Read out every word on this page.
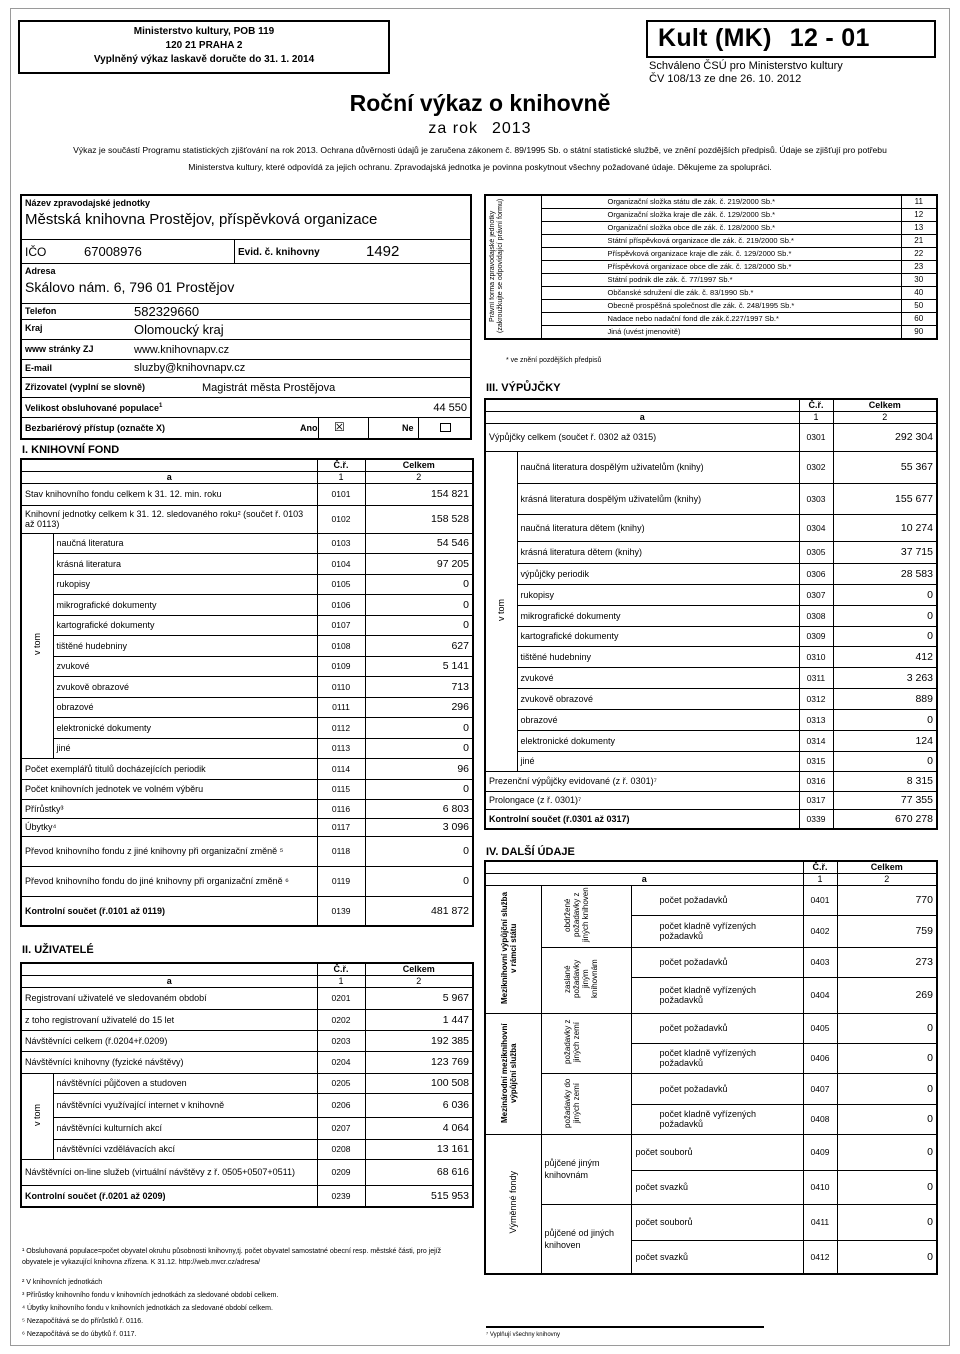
Ministerstvo kultury, POB 119
120 21 PRAHA 2
Vyplněný výkaz laskavě doručte do 31. 1. 2014
Kult (MK) 12 - 01
Schváleno ČSÚ pro Ministerstvo kultury
ČV 108/13 ze dne 26. 10. 2012
Roční výkaz o knihovně
za rok 2013
Výkaz je součástí Programu statistických zjišťování na rok 2013. Ochrana důvěrnosti údajů je zaručena zákonem č. 89/1995 Sb. o státní statistické službě, ve znění pozdějších předpisů. Údaje se zjišťují pro potřebu Ministerstva kultury, které odpovídá za jejich ochranu. Zpravodajská jednotka je povinna poskytnout všechny požadované údaje. Děkujeme za spolupráci.
Název zpravodajské jednotky
Městská knihovna Prostějov, příspěvková organizace
IČO	67008976	Evid. č. knihovny	1492
Adresa
Skálovo nám. 6, 796 01 Prostějov
Telefon	582329660
Kraj	Olomoucký kraj
www stránky ZJ	www.knihovnapv.cz
E-mail	sluzby@knihovnapv.cz
Zřizovatel (vyplní se slovně)	Magistrát města Prostějova
Velikost obsluhované populace$^1$	44 550
Bezbariérový přístup (označte X)	Ano ☒	Ne
Právní forma zpravodajské jednotky (zakroužkujte se odpovídající právní formu)	Organizační složka státu dle zák. č. 219/2000 Sb.*	11
	Organizační složka kraje dle zák. č. 129/2000 Sb.*	12
	Organizační složka obce dle zák. č. 128/2000 Sb.*	13
	Státní příspěvková organizace dle zák. č. 219/2000 Sb.*	21
	Příspěvková organizace kraje dle zák. č. 129/2000 Sb.*	22
	Příspěvková organizace obce dle zák. č. 128/2000 Sb.*	23
	Státní podnik dle zák. č. 77/1997 Sb.*	30
	Občanské sdružení dle zák. č. 83/1990 Sb.*	40
	Obecně prospěšná společnost dle zák. č. 248/1995 Sb.*	50
	Nadace nebo nadační fond dle zák.č.227/1997 Sb.*	60
	Jiná (uvést jmenovitě)	90
* ve znění pozdějších předpisů
I. KNIHOVNÍ FOND
		Č.ř.	Celkem
a		1	2
Stav knihovního fondu celkem k 31. 12. min. roku		0101	154 821
Knihovní jednotky celkem k 31. 12. sledovaného roku² (součet ř. 0103 až 0113)		0102	158 528
v tom	naučná literatura	0103	54 546
	krásná literatura	0104	97 205
	rukopisy	0105	0
	mikrografické dokumenty	0106	0
	kartografické dokumenty	0107	0
	tištěné hudebniny	0108	627
	zvukové	0109	5 141
	zvukově obrazové	0110	713
	obrazové	0111	296
	elektronické dokumenty	0112	0
	jiné	0113	0
Počet exemplářů titulů docházejících periodik		0114	96
Počet knihovních jednotek ve volném výběru		0115	0
Přírůstky³		0116	6 803
Úbytky⁴		0117	3 096
Převod knihovního fondu z jiné knihovny při organizační změně ⁵		0118	0
Převod knihovního fondu do jiné knihovny při organizační změně ⁶		0119	0
Kontrolní součet (ř.0101 až 0119)		0139	481 872
II. UŽIVATELÉ
		Č.ř.	Celkem
a		1	2
Registrovaní uživatelé ve sledovaném období		0201	5 967
z toho registrovaní uživatelé do 15 let		0202	1 447
Návštěvníci celkem (ř.0204+ř.0209)		0203	192 385
Návštěvníci knihovny (fyzické návštěvy)		0204	123 769
v tom	návštěvníci půjčoven a studoven	0205	100 508
	návštěvníci využívající internet v knihovně	0206	6 036
	návštěvníci kulturních akcí	0207	4 064
	návštěvníci vzdělávacích akcí	0208	13 161
Návštěvníci on-line služeb (virtuální návštěvy z ř. 0505+0507+0511)		0209	68 616
Kontrolní součet (ř.0201 až 0209)		0239	515 953
III. VÝPŮJČKY
		Č.ř.	Celkem
a		1	2
Výpůjčky celkem (součet ř. 0302 až 0315)		0301	292 304
v tom	naučná literatura dospělým uživatelům (knihy)	0302	55 367
	krásná literatura dospělým uživatelům (knihy)	0303	155 677
	naučná literatura dětem (knihy)	0304	10 274
	krásná literatura dětem (knihy)	0305	37 715
	výpůjčky periodik	0306	28 583
	rukopisy	0307	0
	mikrografické dokumenty	0308	0
	kartografické dokumenty	0309	0
	tištěné hudebniny	0310	412
	zvukové	0311	3 263
	zvukově obrazové	0312	889
	obrazové	0313	0
	elektronické dokumenty	0314	124
	jiné	0315	0
Prezenční výpůjčky evidované (z ř. 0301)⁷		0316	8 315
Prolongace (z ř. 0301)⁷		0317	77 355
Kontrolní součet (ř.0301 až 0317)		0339	670 278
IV. DALŠÍ ÚDAJE
			Č.ř.	Celkem
a			1	2
Meziknihovní výpůjční služba v rámci státu	obdržené požadavky z jiných knihoven	počet požadavků	0401	770
		počet kladně vyřízených požadavků	0402	759
	zaslané požadavky jiným knihovnám	počet požadavků	0403	273
		počet kladně vyřízených požadavků	0404	269
Mezinárodní meziknihovní výpůjční služba	požadavky z jiných zemí	počet požadavků	0405	0
		počet kladně vyřízených požadavků	0406	0
	požadavky do jiných zemí	počet požadavků	0407	0
		počet kladně vyřízených požadavků	0408	0
Výměnné fondy	půjčené jiným knihovnám	počet souborů	0409	0
		počet svazků	0410	0
	půjčené od jiných knihoven	počet souborů	0411	0
		počet svazků	0412	0
¹ Obsluhovaná populace=počet obyvatel okruhu působnosti knihovny,tj. počet obyvatel samostatné obecní resp. městské části, pro jejíž obyvatele je vykazující knihovna zřízena. K 31.12. http://web.mvcr.cz/adresa/
² V knihovních jednotkách
³ Přírůstky knihovního fondu v knihovních jednotkách za sledované období celkem.
⁴ Úbytky knihovního fondu v knihovních jednotkách za sledované období celkem.
⁵ Nezapočítává se do přírůstků ř. 0116.
⁶ Nezapočítává se do úbytků ř. 0117.	⁷ Vyplňují všechny knihovny
